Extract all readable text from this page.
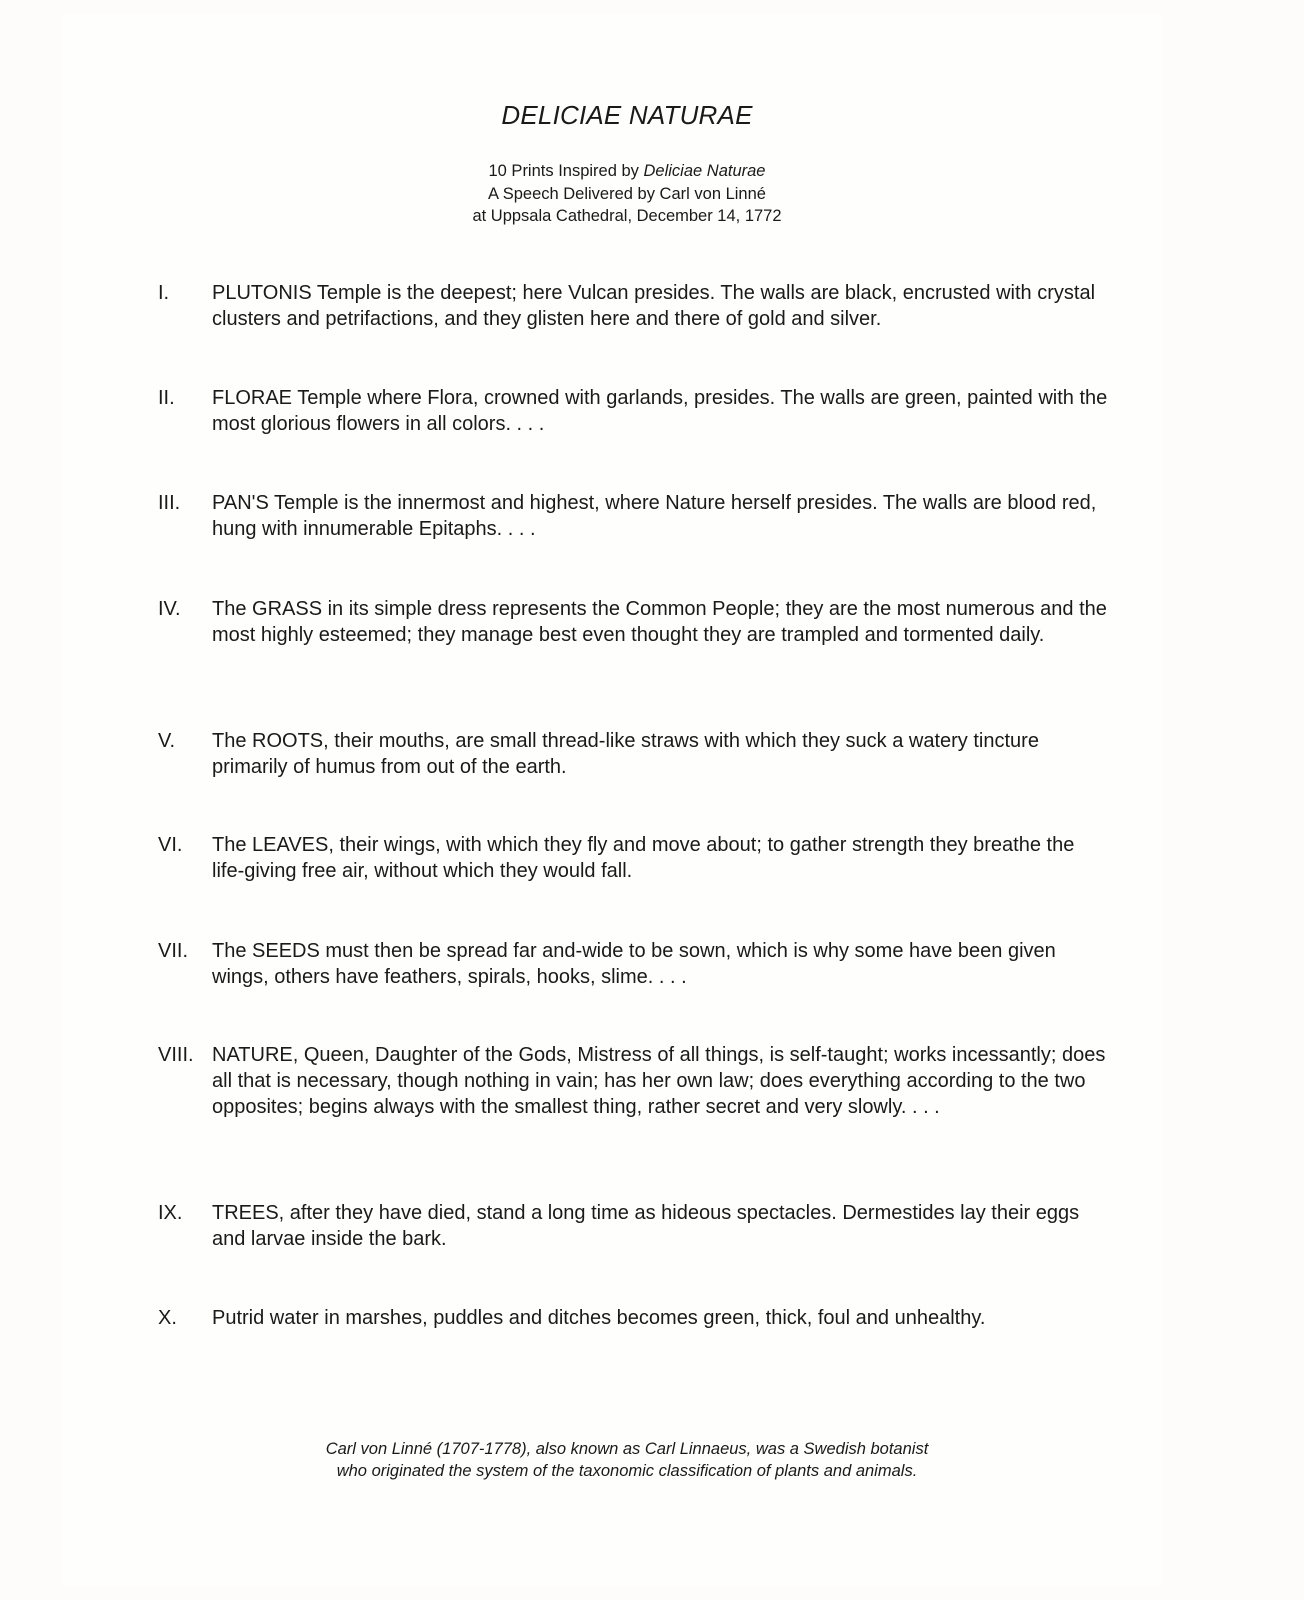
DELICIAE NATURAE
10 Prints Inspired by Deliciae Naturae
A Speech Delivered by Carl von Linné
at Uppsala Cathedral, December 14, 1772
I.	PLUTONIS Temple is the deepest; here Vulcan presides. The walls are black, encrusted with crystal clusters and petrifactions, and they glisten here and there of gold and silver.
II.	FLORAE Temple where Flora, crowned with garlands, presides. The walls are green, painted with the most glorious flowers in all colors. . . .
III.	PAN'S Temple is the innermost and highest, where Nature herself presides. The walls are blood red, hung with innumerable Epitaphs. . . .
IV.	The GRASS in its simple dress represents the Common People; they are the most numerous and the most highly esteemed; they manage best even thought they are trampled and tormented daily.
V.	The ROOTS, their mouths, are small thread-like straws with which they suck a watery tincture primarily of humus from out of the earth.
VI.	The LEAVES, their wings, with which they fly and move about; to gather strength they breathe the life-giving free air, without which they would fall.
VII.	The SEEDS must then be spread far and-wide to be sown, which is why some have been given wings, others have feathers, spirals, hooks, slime. . . .
VIII. NATURE, Queen, Daughter of the Gods, Mistress of all things, is self-taught; works incessantly; does all that is necessary, though nothing in vain; has her own law; does everything according to the two opposites; begins always with the smallest thing, rather secret and very slowly. . . .
IX.	TREES, after they have died, stand a long time as hideous spectacles. Dermestides lay their eggs and larvae inside the bark.
X.	Putrid water in marshes, puddles and ditches becomes green, thick, foul and unhealthy.
Carl von Linné (1707-1778), also known as Carl Linnaeus, was a Swedish botanist
who originated the system of the taxonomic classification of plants and animals.
